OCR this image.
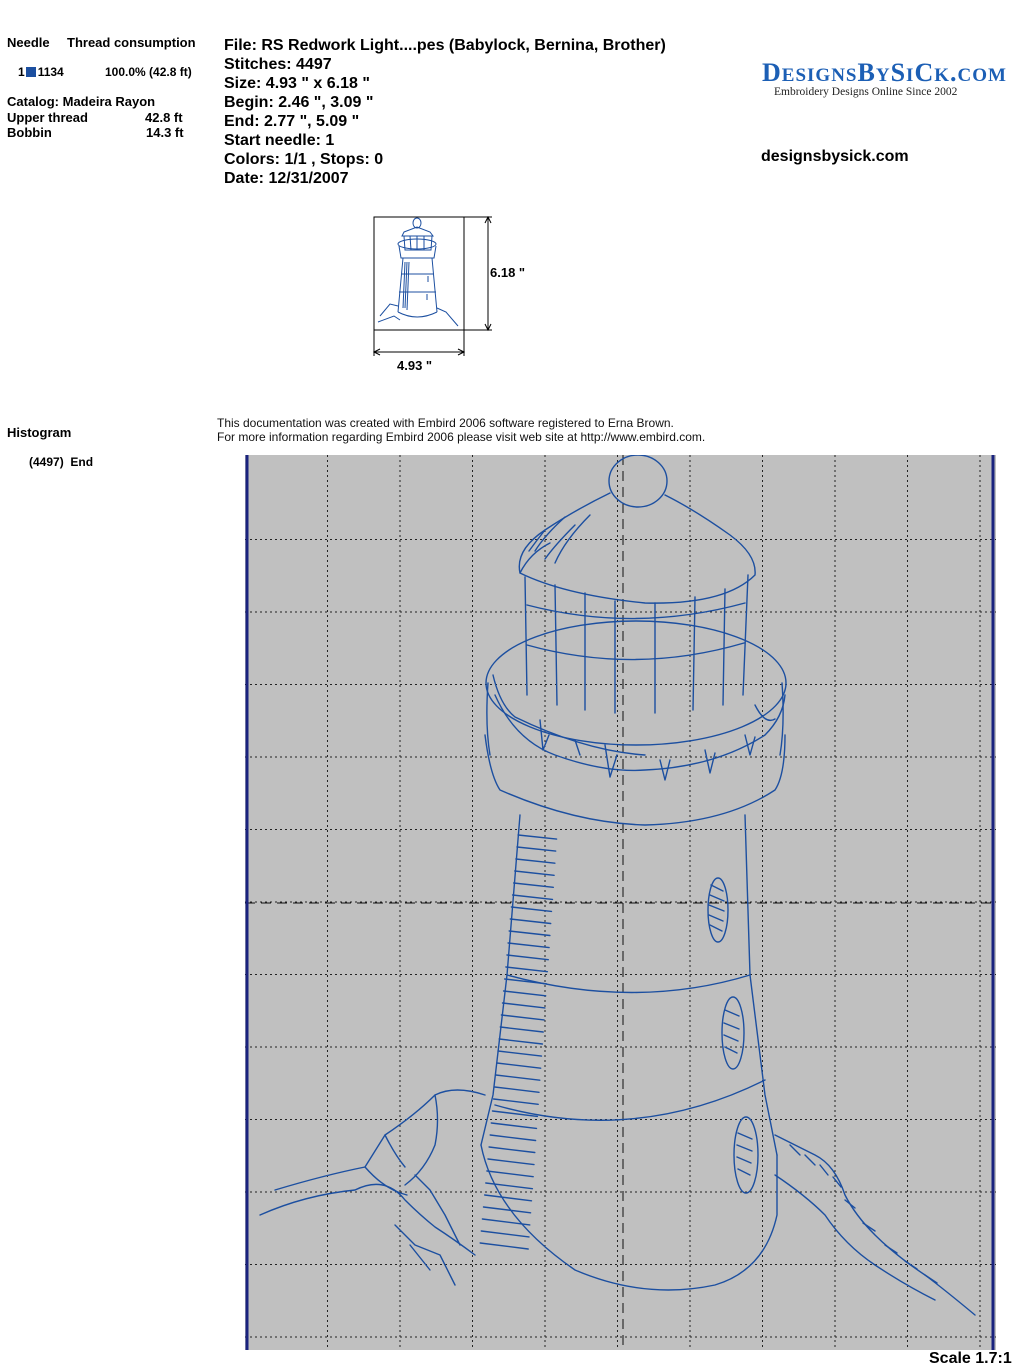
Needle Thread consumption
1 1134	100.0% (42.8 ft)
Catalog: Madeira Rayon
Upper thread	42.8 ft
Bobbin	14.3 ft
File: RS Redwork Light....pes (Babylock, Bernina, Brother)
Stitches: 4497
Size: 4.93 " x 6.18 "
Begin: 2.46 ", 3.09 "
End: 2.77 ", 5.09 "
Start needle: 1
Colors: 1/1 , Stops: 0
Date: 12/31/2007
DESIGNSBYSICK.COM
Embroidery Designs Online Since 2002
designsbysick.com
6.18 "
4.93 "
Histogram
(4497) End
This documentation was created with Embird 2006 software registered to Erna Brown.
For more information regarding Embird 2006 please visit web site at http://www.embird.com.
Scale 1.7:1
